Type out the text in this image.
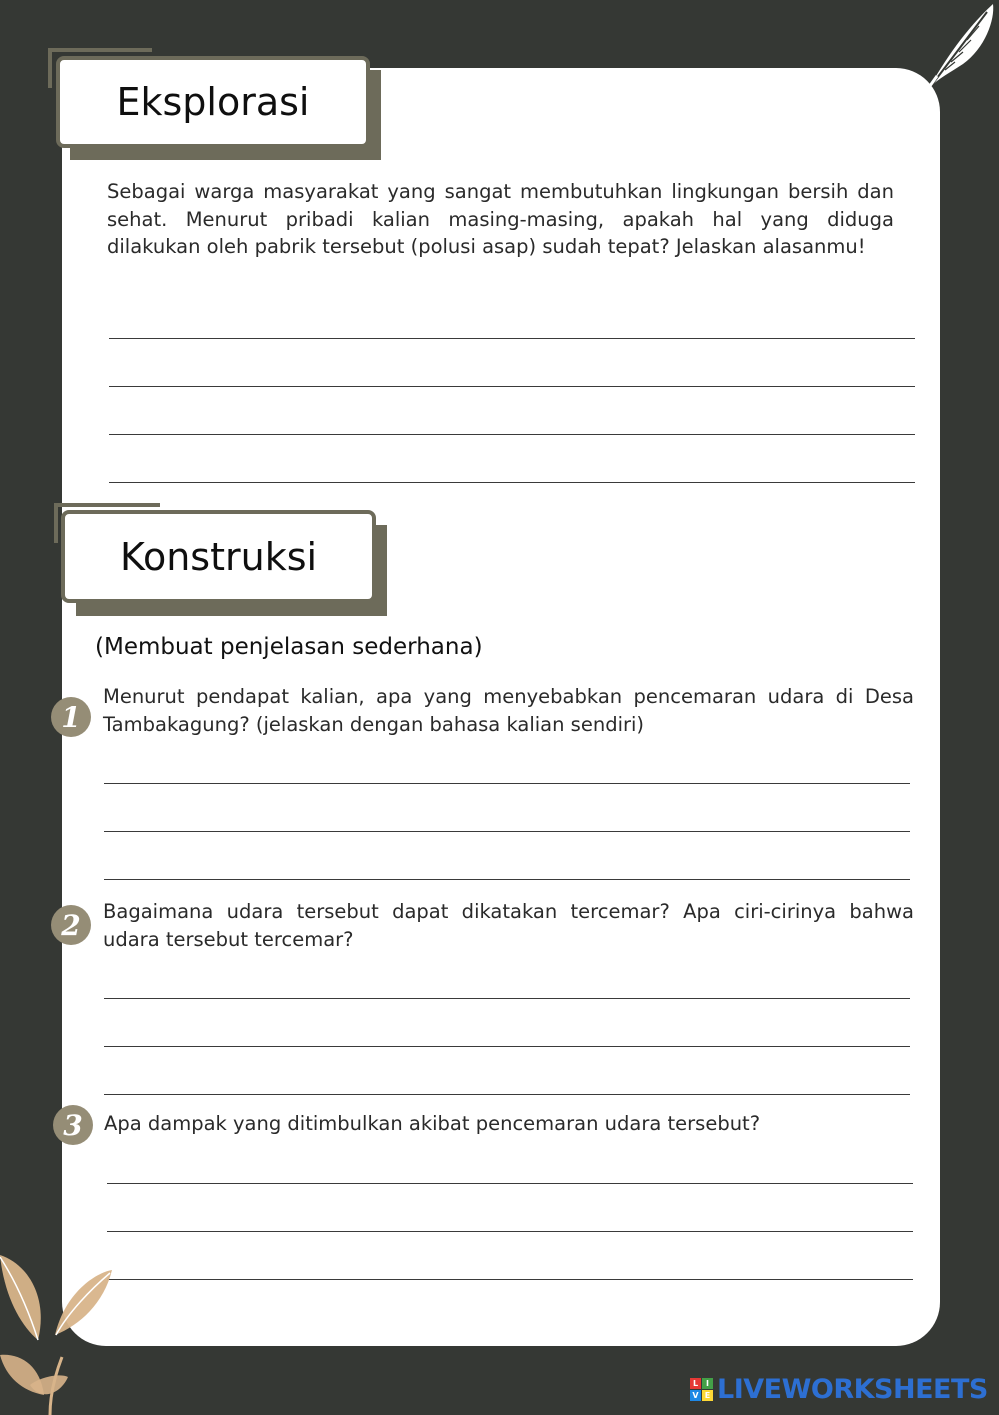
Eksplorasi
Sebagai warga masyarakat yang sangat membutuhkan lingkungan bersih dan sehat. Menurut pribadi kalian masing-masing, apakah hal yang diduga dilakukan oleh pabrik tersebut (polusi asap) sudah tepat? Jelaskan alasanmu!
Konstruksi
(Membuat penjelasan sederhana)
1
Menurut pendapat kalian, apa yang menyebabkan pencemaran udara di Desa Tambakagung? (jelaskan dengan bahasa kalian sendiri)
2	Bagaimana udara tersebut dapat dikatakan tercemar? Apa ciri-cirinya bahwa udara tersebut tercemar?
3	Apa dampak yang ditimbulkan akibat pencemaran udara tersebut?
L I
V E LIVEWORKSHEETS
